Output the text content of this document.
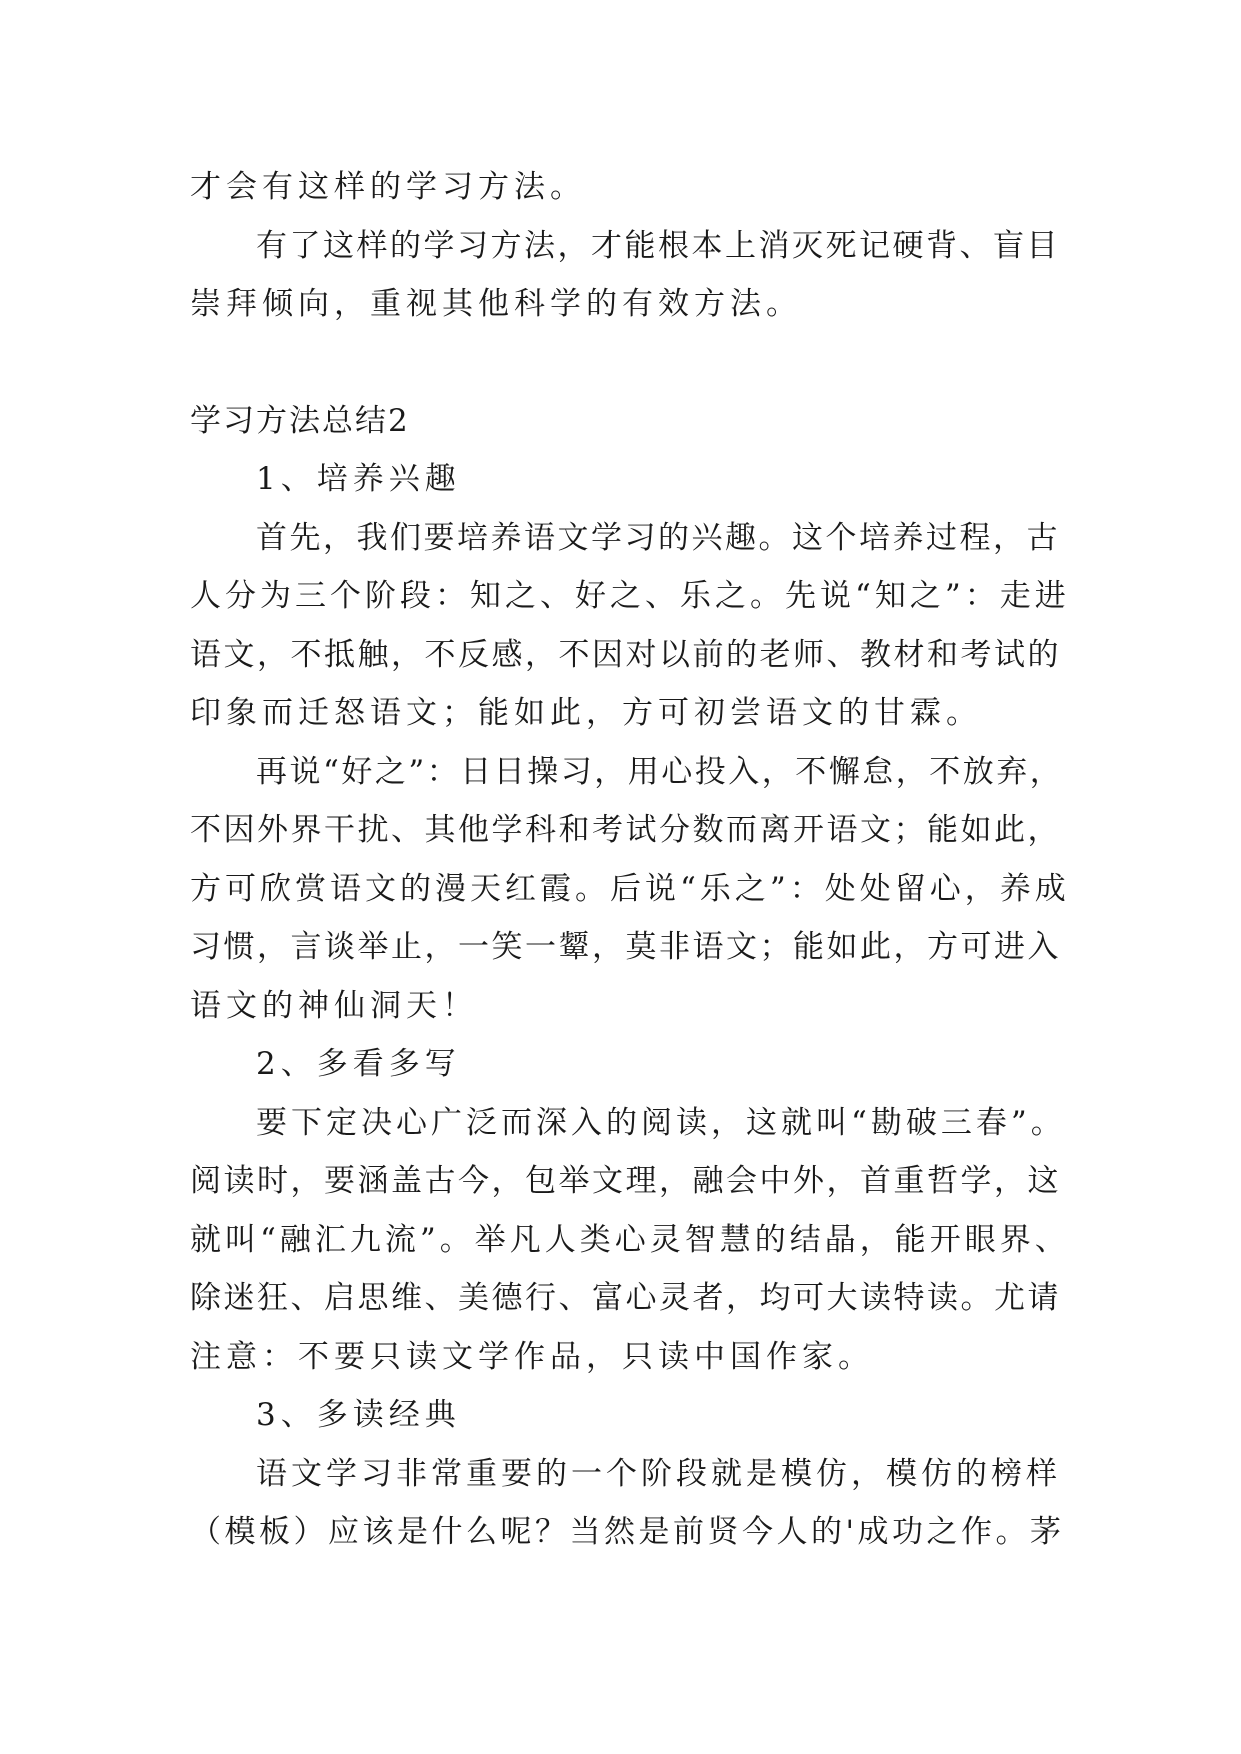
才会有这样的学习方法。
有了这样的学习方法，才能根本上消灭死记硬背、盲目
崇拜倾向，重视其他科学的有效方法。
学习方法总结2
1、培养兴趣
首先，我们要培养语文学习的兴趣。这个培养过程，古
人分为三个阶段：知之、好之、乐之。先说“知之”：走进
语文，不抵触，不反感，不因对以前的老师、教材和考试的
印象而迁怒语文；能如此，方可初尝语文的甘霖。
再说“好之”：日日操习，用心投入，不懈怠，不放弃，
不因外界干扰、其他学科和考试分数而离开语文；能如此，
方可欣赏语文的漫天红霞。后说“乐之”：处处留心，养成
习惯，言谈举止，一笑一颦，莫非语文；能如此，方可进入
语文的神仙洞天！
2、多看多写
要下定决心广泛而深入的阅读，这就叫“勘破三春”。
阅读时，要涵盖古今，包举文理，融会中外，首重哲学，这
就叫“融汇九流”。举凡人类心灵智慧的结晶，能开眼界、
除迷狂、启思维、美德行、富心灵者，均可大读特读。尤请
注意：不要只读文学作品，只读中国作家。
3、多读经典
语文学习非常重要的一个阶段就是模仿，模仿的榜样
（模板）应该是什么呢？当然是前贤今人的'成功之作。茅
